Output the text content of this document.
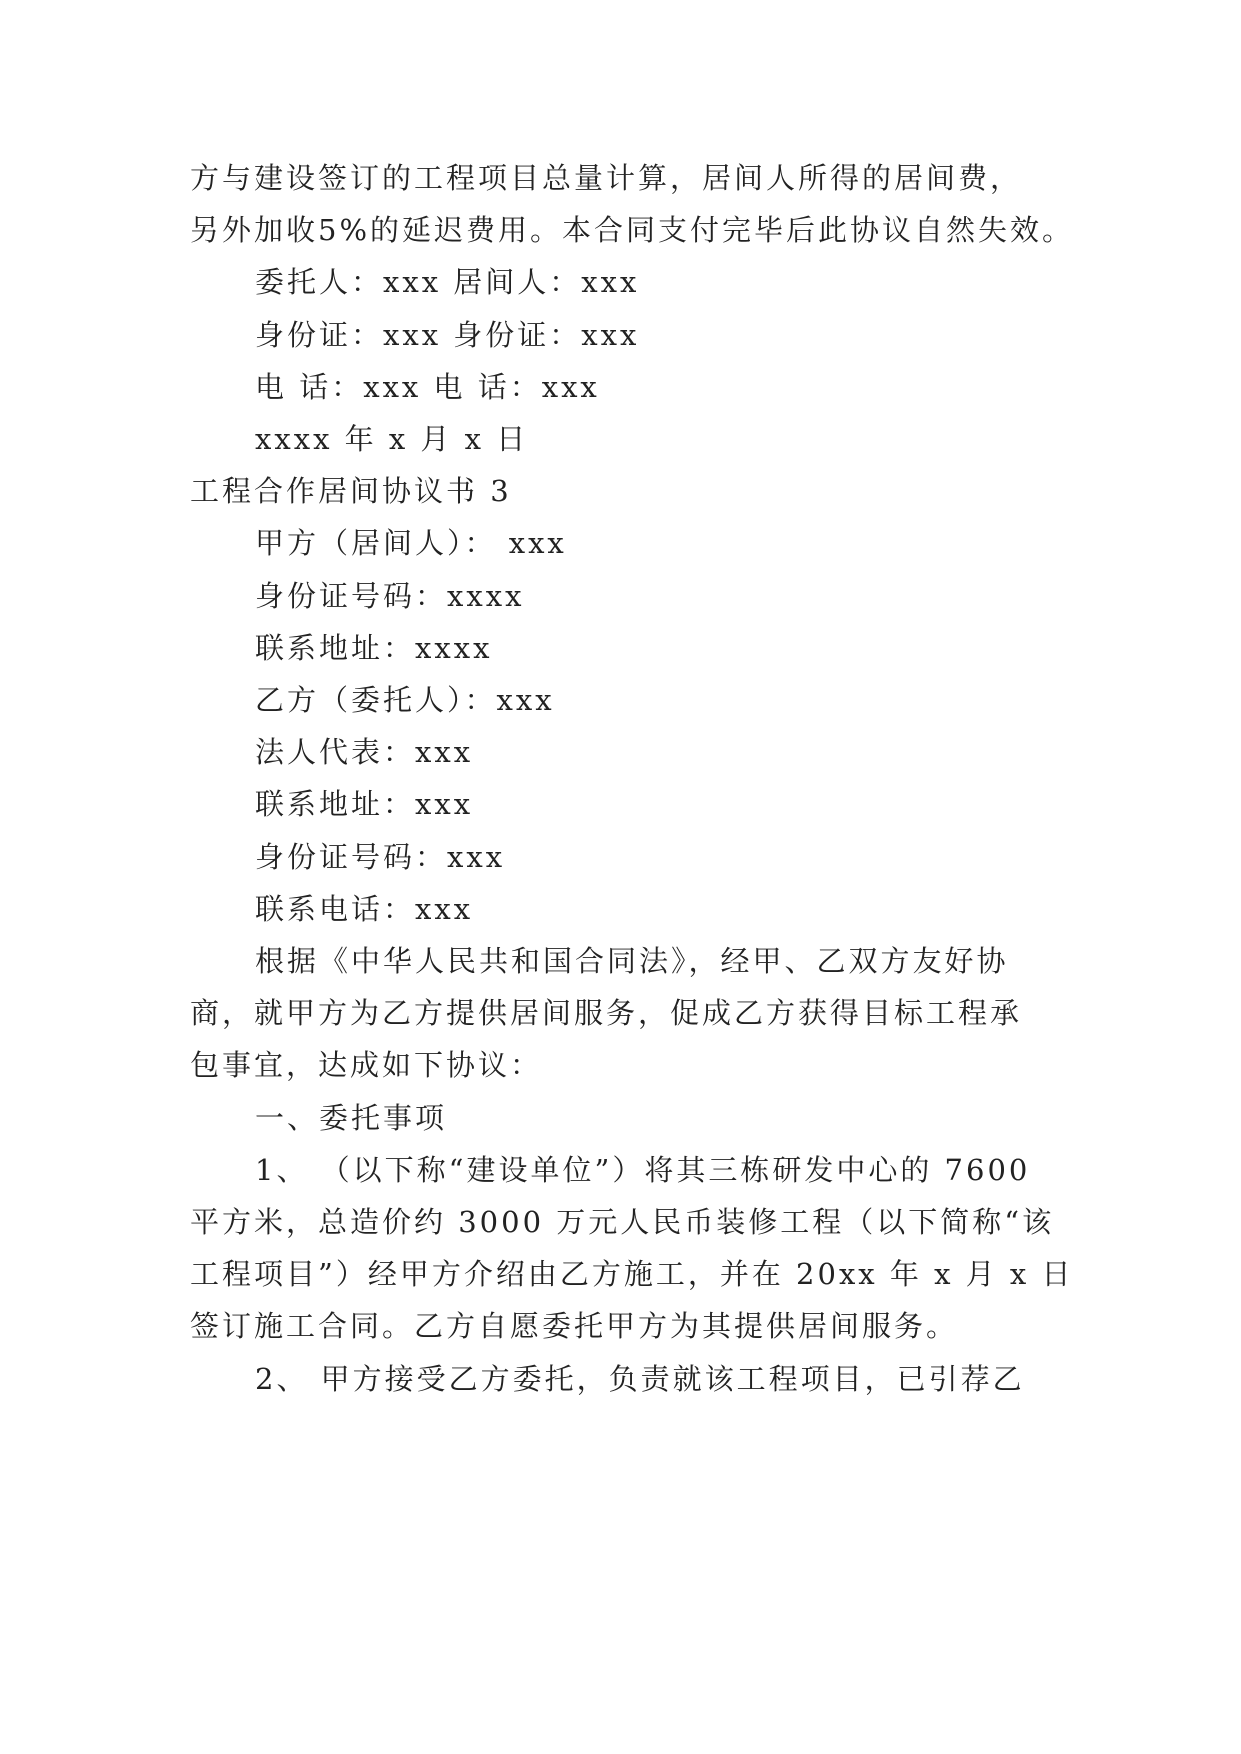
方与建设签订的工程项目总量计算，居间人所得的居间费，
另外加收5%的延迟费用。本合同支付完毕后此协议自然失效。
委托人：xxx 居间人：xxx
身份证：xxx 身份证：xxx
电 话：xxx 电 话：xxx
xxxx 年 x 月 x 日
工程合作居间协议书 3
甲方（居间人）： xxx
身份证号码：xxxx
联系地址：xxxx
乙方（委托人）：xxx
法人代表：xxx
联系地址：xxx
身份证号码：xxx
联系电话：xxx
根据《中华人民共和国合同法》，经甲、乙双方友好协
商，就甲方为乙方提供居间服务，促成乙方获得目标工程承
包事宜，达成如下协议：
一、委托事项
1、 （以下称“建设单位”）将其三栋研发中心的 7600
平方米，总造价约 3000 万元人民币装修工程（以下简称“该
工程项目”）经甲方介绍由乙方施工，并在 20xx 年 x 月 x 日
签订施工合同。乙方自愿委托甲方为其提供居间服务。
2、 甲方接受乙方委托，负责就该工程项目，已引荐乙
